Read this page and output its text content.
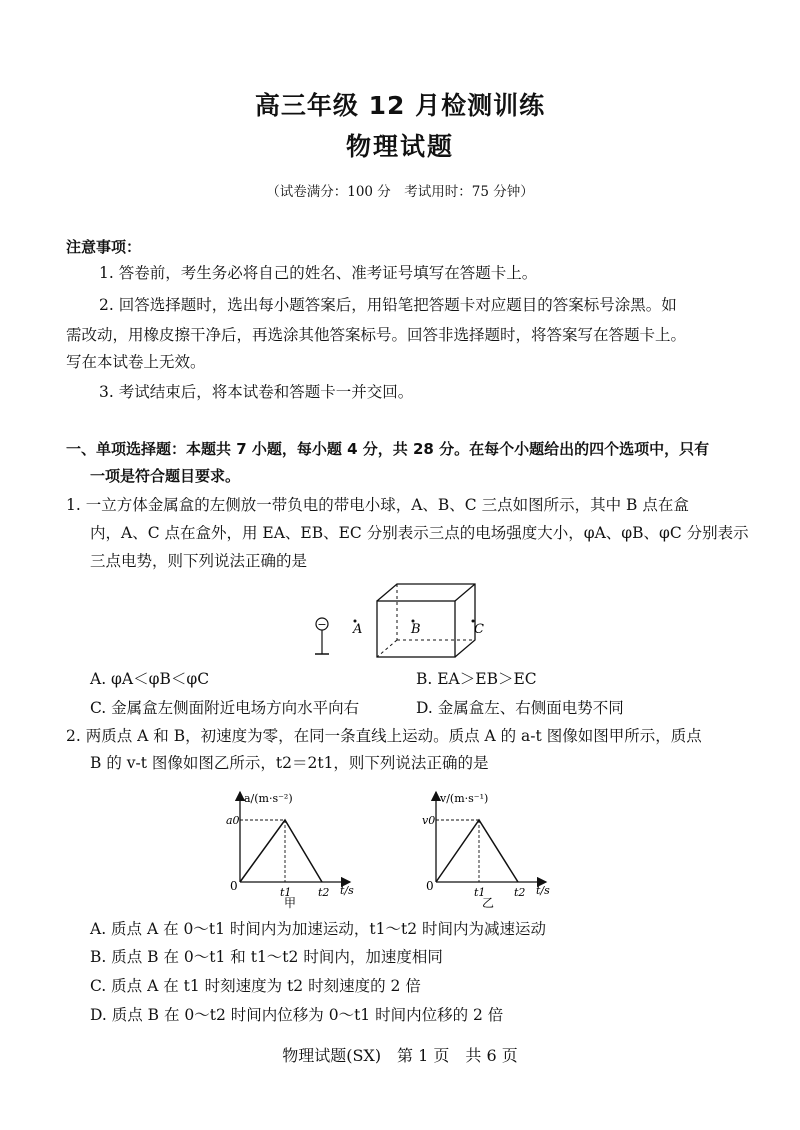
高三年级 12 月检测训练
物理试题
（试卷满分：100 分　考试用时：75 分钟）
注意事项：
1. 答卷前，考生务必将自己的姓名、准考证号填写在答题卡上。
2. 回答选择题时，选出每小题答案后，用铅笔把答题卡对应题目的答案标号涂黑。如
需改动，用橡皮擦干净后，再选涂其他答案标号。回答非选择题时，将答案写在答题卡上。
写在本试卷上无效。
3. 考试结束后，将本试卷和答题卡一并交回。
一、单项选择题：本题共 7 小题，每小题 4 分，共 28 分。在每个小题给出的四个选项中，只有
一项是符合题目要求。
1. 一立方体金属盒的左侧放一带负电的带电小球，A、B、C 三点如图所示，其中 B 点在盒
内，A、C 点在盒外，用 EA、EB、EC 分别表示三点的电场强度大小，φA、φB、φC 分别表示
三点电势，则下列说法正确的是
− A	B	C
A. φA＜φB＜φC	B. EA＞EB＞EC
C. 金属盒左侧面附近电场方向水平向右	D. 金属盒左、右侧面电势不同
2. 两质点 A 和 B，初速度为零，在同一条直线上运动。质点 A 的 a-t 图像如图甲所示，质点
B 的 v-t 图像如图乙所示，t2＝2t1，则下列说法正确的是
a/(m·s⁻²)
a0
0	t1 t2 t/s
甲
v/(m·s⁻¹)
v0
0	t1	t2 t/s
乙
A. 质点 A 在 0～t1 时间内为加速运动，t1～t2 时间内为减速运动
B. 质点 B 在 0～t1 和 t1～t2 时间内，加速度相同
C. 质点 A 在 t1 时刻速度为 t2 时刻速度的 2 倍
D. 质点 B 在 0～t2 时间内位移为 0～t1 时间内位移的 2 倍
物理试题(SX)　第 1 页　共 6 页
